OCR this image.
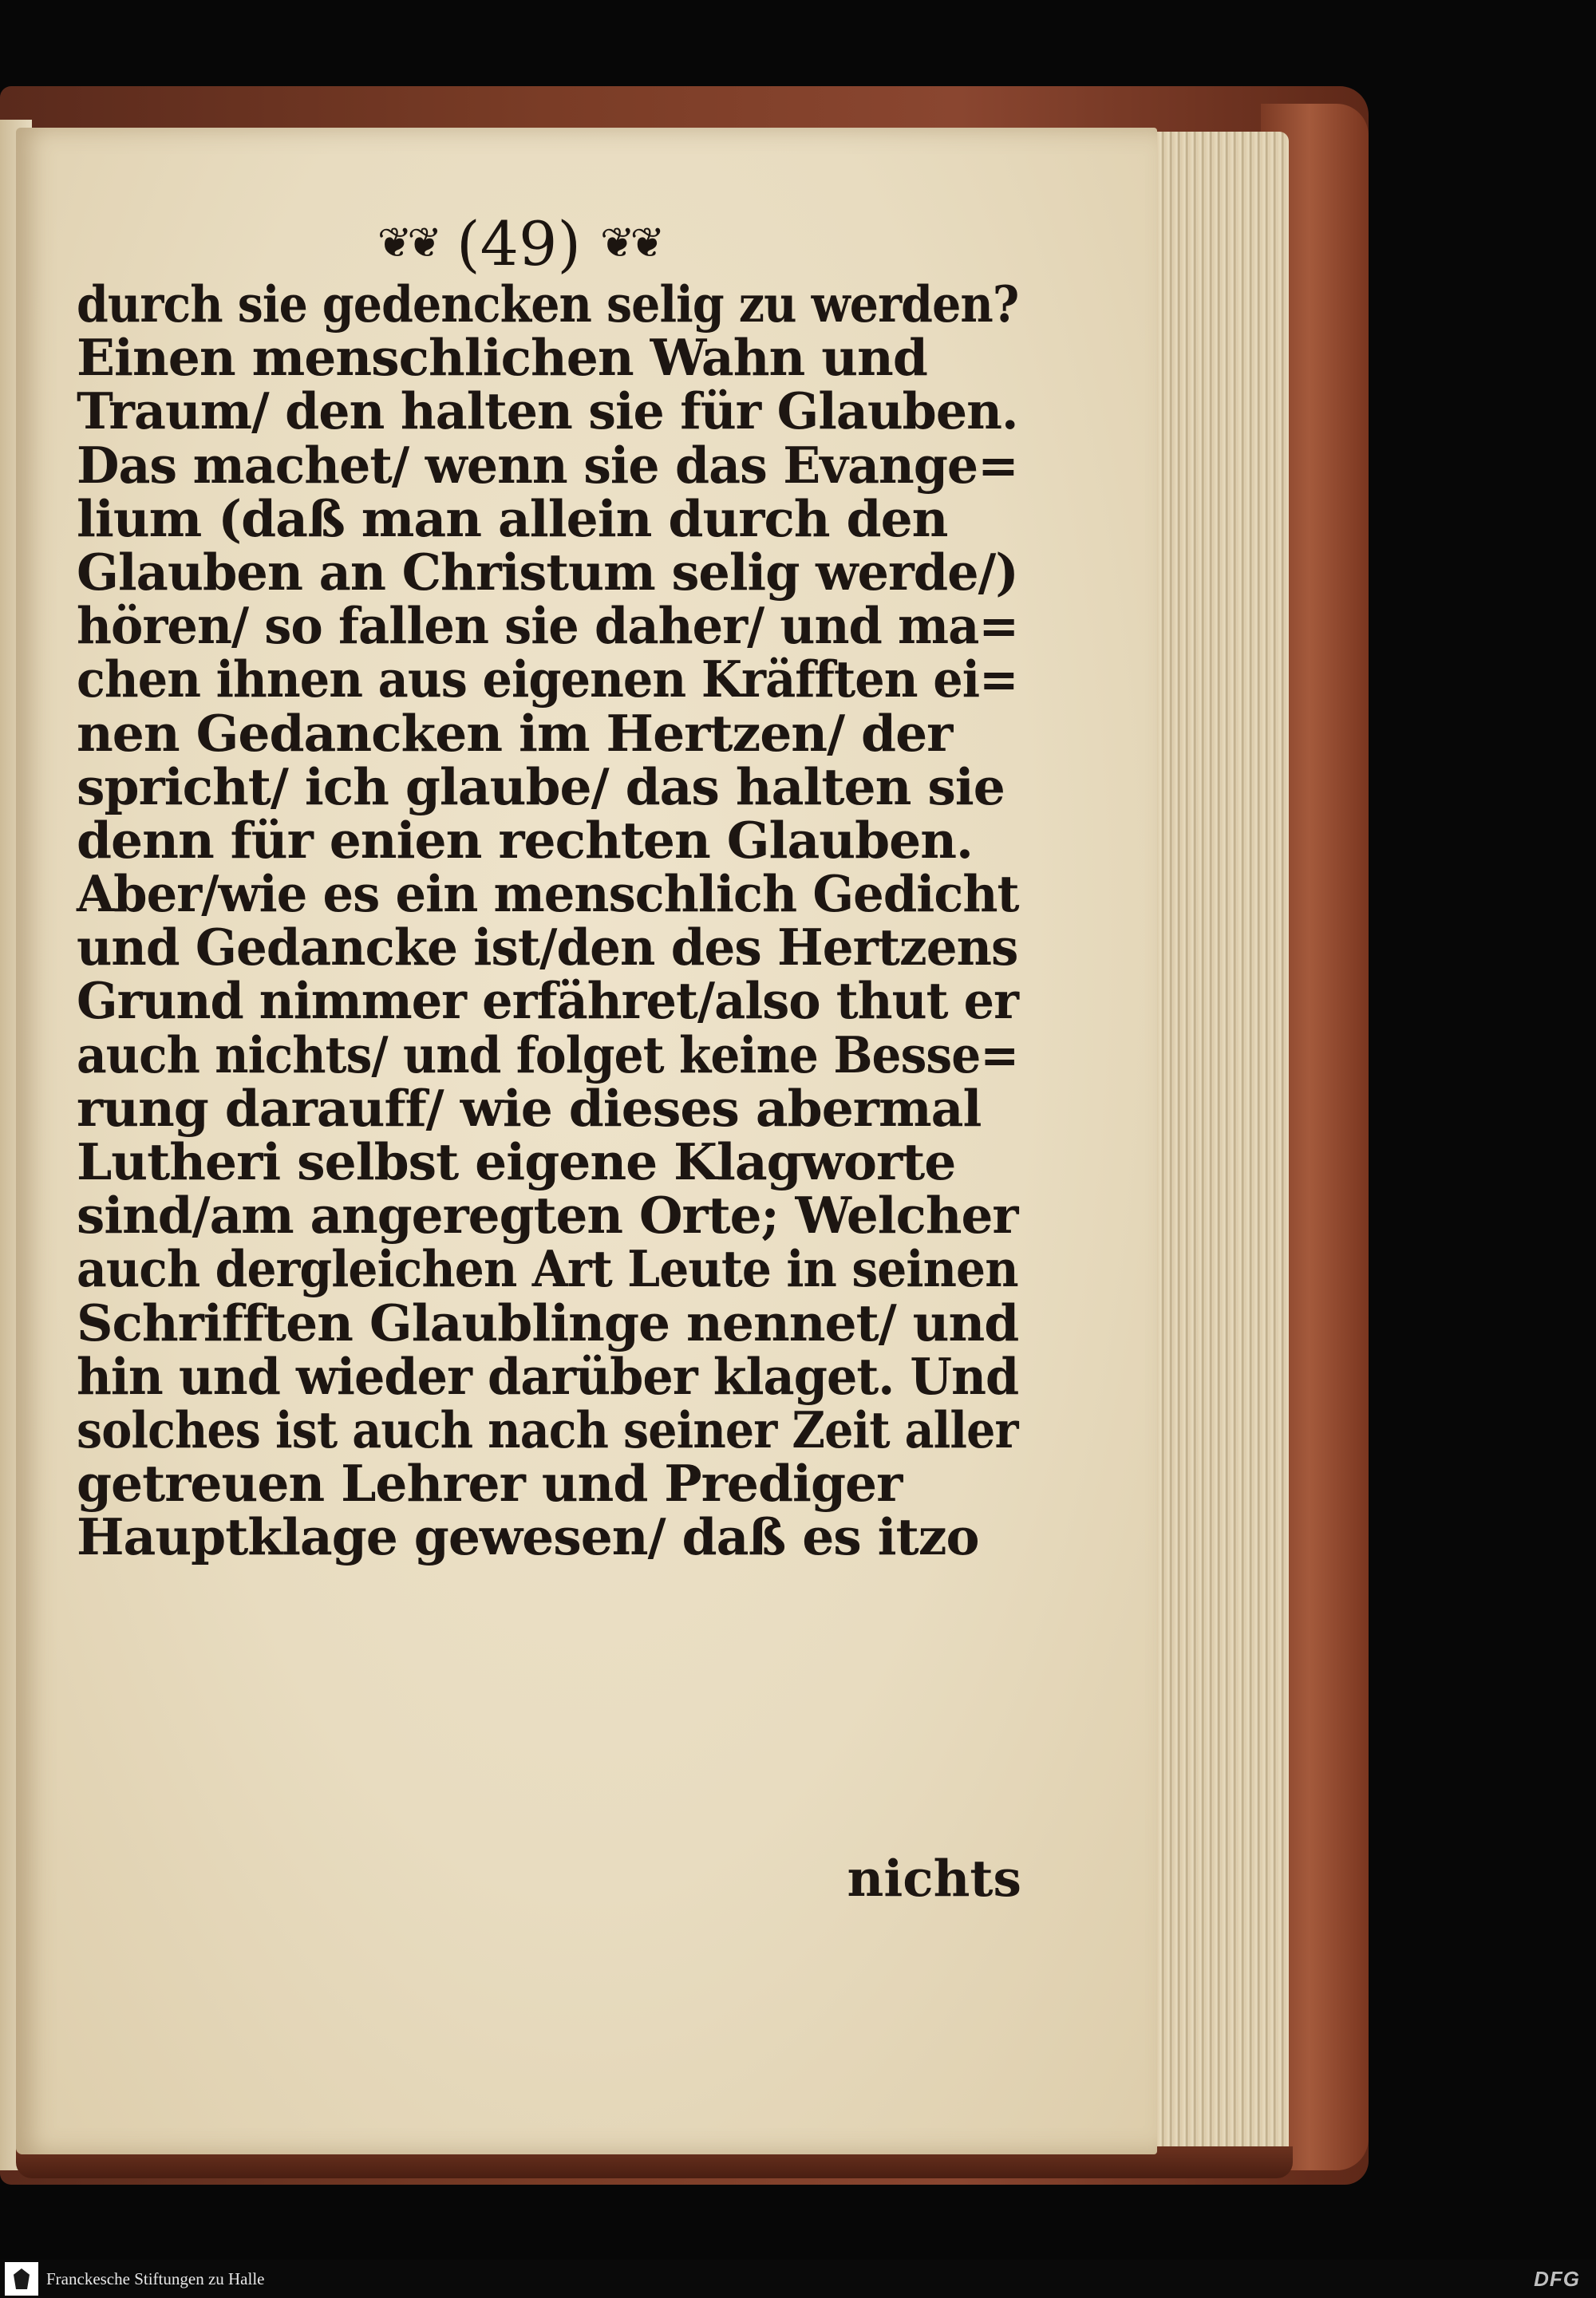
❦❦ (49) ❦❦
durch sie gedencken selig zu werden?
Einen menschlichen Wahn und
Traum/ den halten sie für Glauben.
Das machet/ wenn sie das Evange=
lium (daß man allein durch den
Glauben an Christum selig werde/)
hören/ so fallen sie daher/ und ma=
chen ihnen aus eigenen Kräfften ei=
nen Gedancken im Hertzen/ der
spricht/ ich glaube/ das halten sie
denn für enien rechten Glauben.
Aber/wie es ein menschlich Gedicht
und Gedancke ist/den des Hertzens
Grund nimmer erfähret/also thut er
auch nichts/ und folget keine Besse=
rung darauff/ wie dieses abermal
Lutheri selbst eigene Klagworte
sind/am angeregten Orte; Welcher
auch dergleichen Art Leute in seinen
Schrifften Glaublinge nennet/ und
hin und wieder darüber klaget. Und
solches ist auch nach seiner Zeit aller
getreuen Lehrer und Prediger
Hauptklage gewesen/ daß es itzo
nichts
Franckesche Stiftungen zu Halle	DFG
